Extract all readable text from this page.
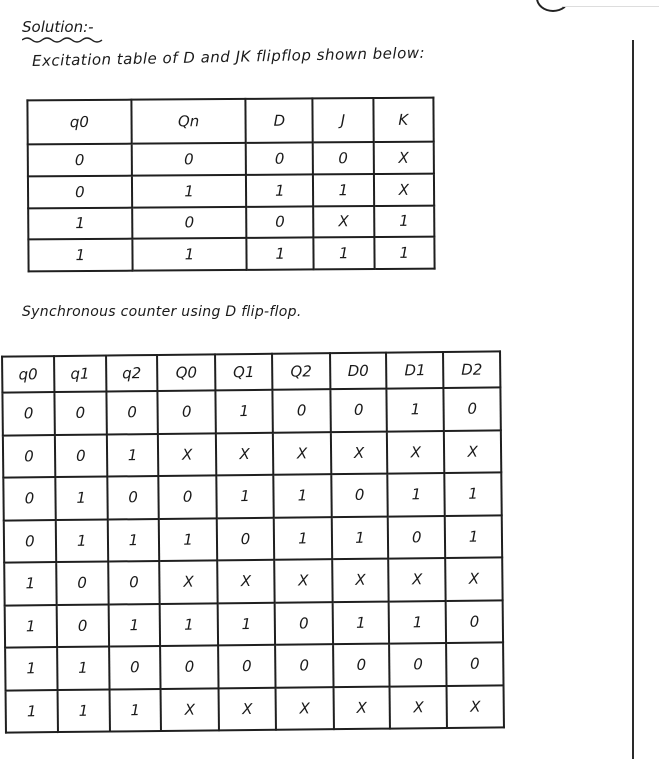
Solution:-
Excitation table of D and JK flipflop shown below:
q0	Qn	D	J	K
0	0	0	0	X
0	1	1	1	X
1	0	0	X	1
1	1	1	1	1
Synchronous counter using D flip-flop.
q0	q1	q2	Q0	Q1	Q2	D0	D1	D2
0	0	0	0	1	0	0	1	0
0	0	1	X	X	X	X	X	X
0	1	0	0	1	1	0	1	1
0	1	1	1	0	1	1	0	1
1	0	0	X	X	X	X	X	X
1	0	1	1	1	0	1	1	0
1	1	0	0	0	0	0	0	0
1	1	1	X	X	X	X	X	X
